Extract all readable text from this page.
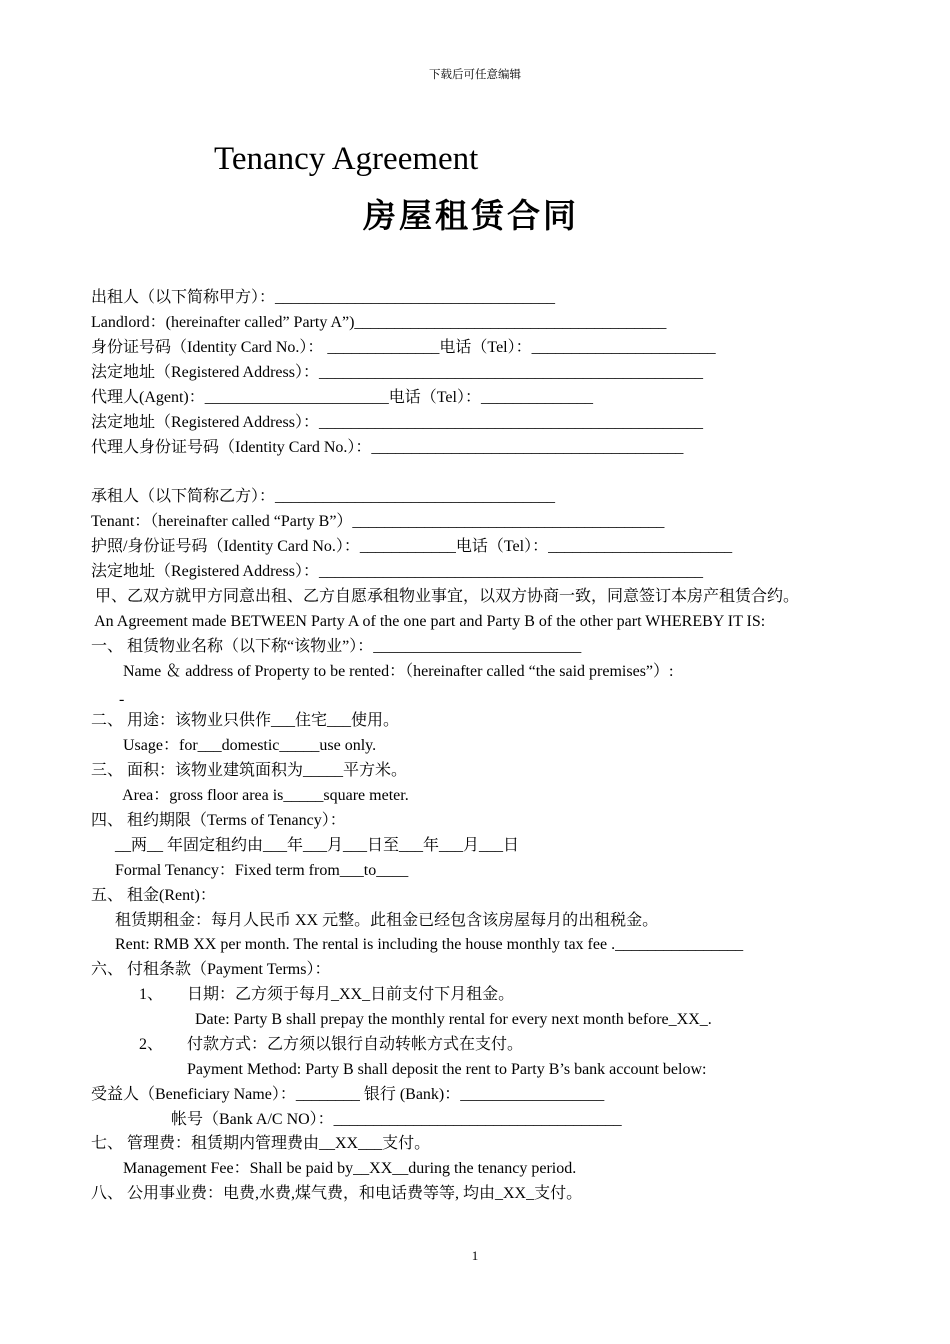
下载后可任意编辑
Tenancy Agreement
房屋租赁合同
出租人（以下简称甲方）：___________________________________
Landlord：(hereinafter called” Party A”)_______________________________________
身份证号码（Identity Card No.）： ______________电话（Tel）：_______________________
法定地址（Registered Address）：________________________________________________
代理人(Agent)：_______________________电话（Tel）：______________
法定地址（Registered Address）：________________________________________________
代理人身份证号码（Identity Card No.）：_______________________________________
承租人（以下简称乙方）：___________________________________
Tenant：（hereinafter called “Party B”）_______________________________________
护照/身份证号码（Identity Card No.）：____________电话（Tel）：_______________________
法定地址（Registered Address）：________________________________________________
甲、乙双方就甲方同意出租、乙方自愿承租物业事宜，以双方协商一致，同意签订本房产租赁合约。
An Agreement made BETWEEN Party A of the one part and Party B of the other part WHEREBY IT IS:
一、 租赁物业名称（以下称“该物业”）：__________________________
Name ＆ address of Property to be rented：（hereinafter called “the said premises”）:
-
二、 用途：该物业只供作___住宅___使用。
Usage：for___domestic_____use only.
三、 面积：该物业建筑面积为_____平方米。
Area：gross floor area is_____square meter.
四、 租约期限（Terms of Tenancy）：
__两__ 年固定租约由___年___月___日至___年___月___日
Formal Tenancy：Fixed term from___to____
五、 租金(Rent)：
租赁期租金：每月人民币 XX 元整。此租金已经包含该房屋每月的出租税金。
Rent: RMB XX per month. The rental is including the house monthly tax fee .________________
六、 付租条款（Payment Terms）：
1、      日期：乙方须于每月_XX_日前支付下月租金。
Date: Party B shall prepay the monthly rental for every next month before_XX_.
2、      付款方式：乙方须以银行自动转帐方式在支付。
Payment Method: Party B shall deposit the rent to Party B’s bank account below:
受益人（Beneficiary Name）：________ 银行 (Bank)：__________________
帐号（Bank A/C NO）：____________________________________
七、 管理费：租赁期内管理费由__XX___支付。
Management Fee：Shall be paid by__XX__during the tenancy period.
八、 公用事业费：电费,水费,煤气费，和电话费等等, 均由_XX_支付。
1
